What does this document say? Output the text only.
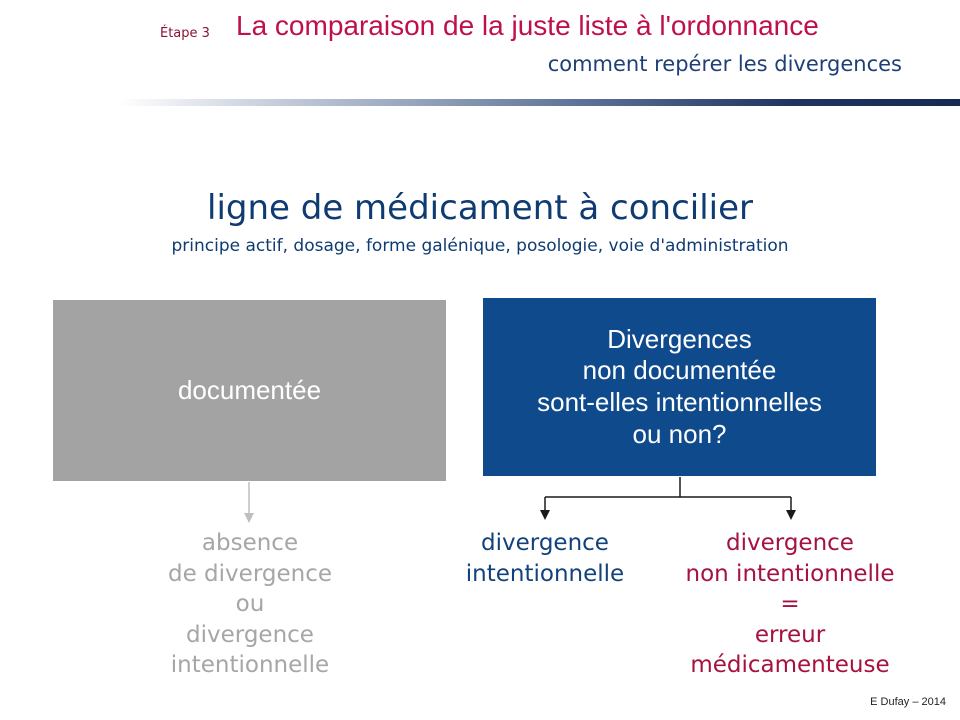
Étape 3 La comparaison de la juste liste à l'ordonnance
comment repérer les divergences
ligne de médicament à concilier
principe actif, dosage, forme galénique, posologie, voie d'administration
documentée
Divergences
non documentée
sont-elles intentionnelles
ou non?
absence
de divergence
ou
divergence
intentionnelle
divergence
intentionnelle
divergence
non intentionnelle
=
erreur
médicamenteuse
E Dufay – 2014
